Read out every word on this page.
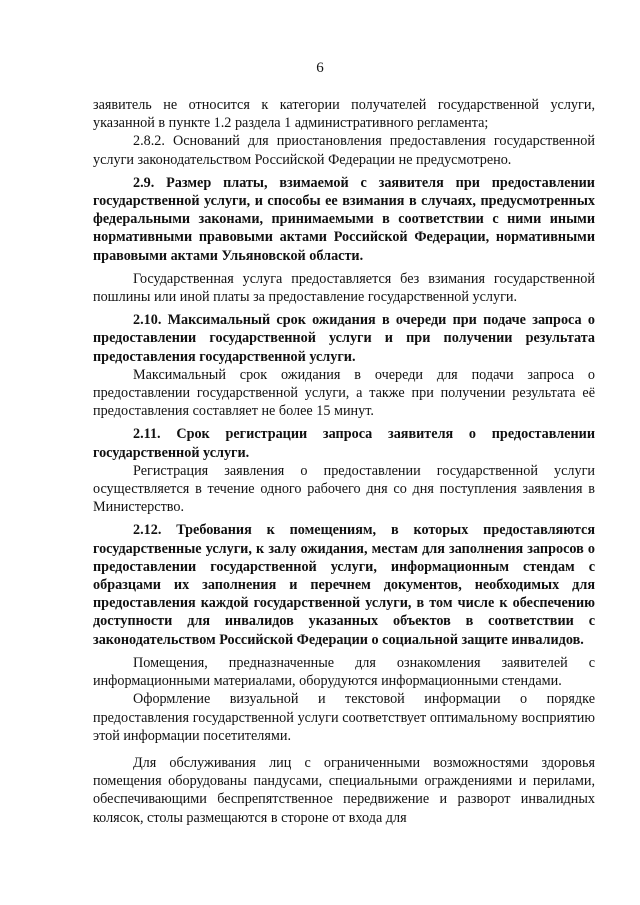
6

заявитель не относится к категории получателей государственной услуги, указанной в пункте 1.2 раздела 1 административного регламента;

2.8.2. Оснований для приостановления предоставления государственной услуги законодательством Российской Федерации не предусмотрено.

2.9. Размер платы, взимаемой с заявителя при предоставлении государственной услуги, и способы ее взимания в случаях, предусмотренных федеральными законами, принимаемыми в соответствии с ними иными нормативными правовыми актами Российской Федерации, нормативными правовыми актами Ульяновской области.

Государственная услуга предоставляется без взимания государственной пошлины или иной платы за предоставление государственной услуги.

2.10. Максимальный срок ожидания в очереди при подаче запроса о предоставлении государственной услуги и при получении результата предоставления государственной услуги.

Максимальный срок ожидания в очереди для подачи запроса о предоставлении государственной услуги, а также при получении результата её предоставления составляет не более 15 минут.

2.11. Срок регистрации запроса заявителя о предоставлении государственной услуги.

Регистрация заявления о предоставлении государственной услуги осуществляется в течение одного рабочего дня со дня поступления заявления в Министерство.

2.12. Требования к помещениям, в которых предоставляются государственные услуги, к залу ожидания, местам для заполнения запросов о предоставлении государственной услуги, информационным стендам с образцами их заполнения и перечнем документов, необходимых для предоставления каждой государственной услуги, в том числе к обеспечению доступности для инвалидов указанных объектов в соответствии с законодательством Российской Федерации о социальной защите инвалидов.

Помещения, предназначенные для ознакомления заявителей с информационными материалами, оборудуются информационными стендами.

Оформление визуальной и текстовой информации о порядке предоставления государственной услуги соответствует оптимальному восприятию этой информации посетителями.

Для обслуживания лиц с ограниченными возможностями здоровья помещения оборудованы пандусами, специальными ограждениями и перилами, обеспечивающими беспрепятственное передвижение и разворот инвалидных колясок, столы размещаются в стороне от входа для
